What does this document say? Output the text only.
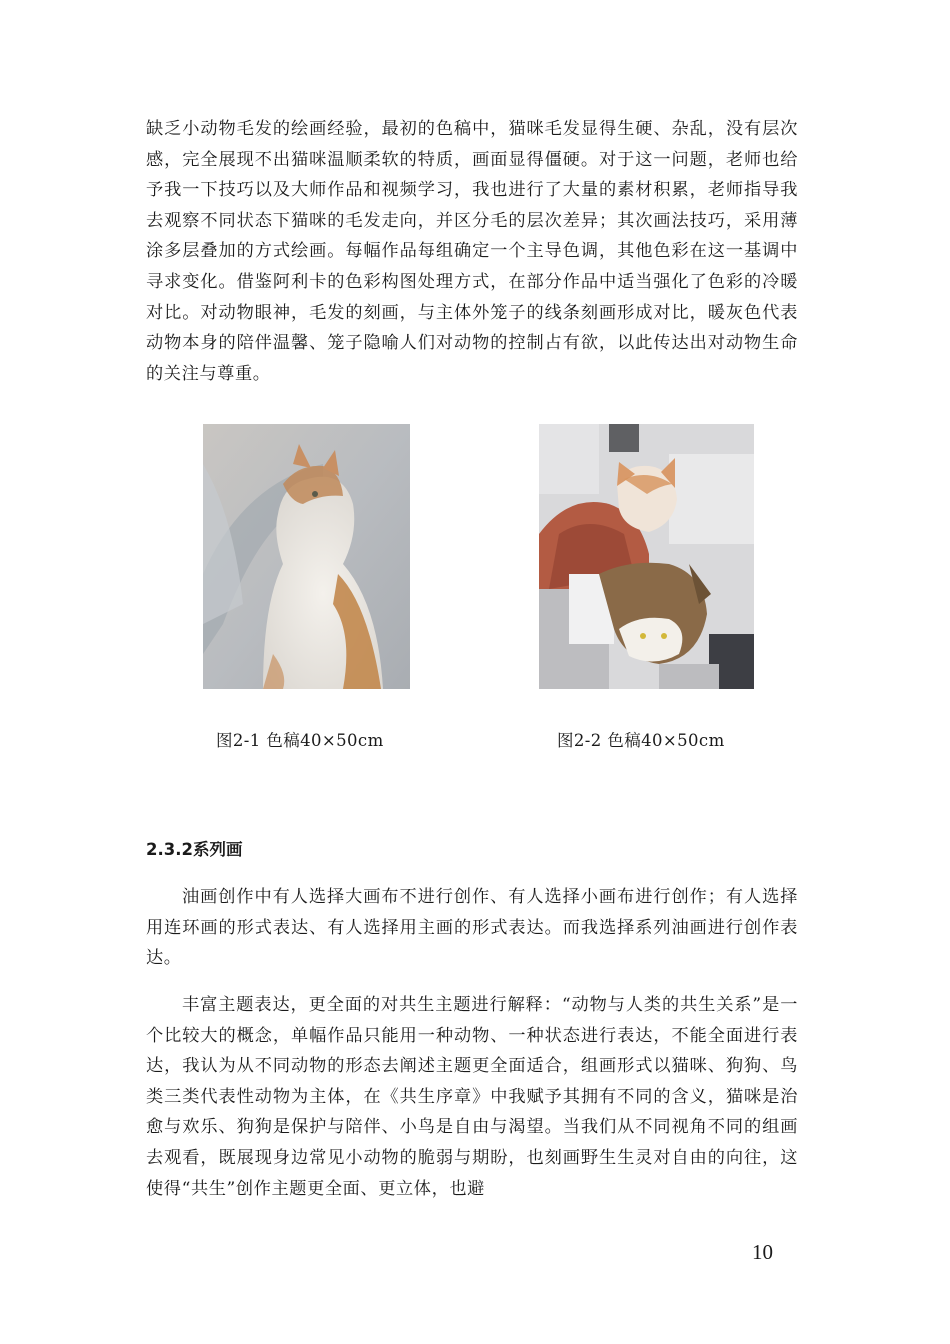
缺乏小动物毛发的绘画经验，最初的色稿中，猫咪毛发显得生硬、杂乱，没有层次感，完全展现不出猫咪温顺柔软的特质，画面显得僵硬。对于这一问题，老师也给予我一下技巧以及大师作品和视频学习，我也进行了大量的素材积累，老师指导我去观察不同状态下猫咪的毛发走向，并区分毛的层次差异；其次画法技巧，采用薄涂多层叠加的方式绘画。每幅作品每组确定一个主导色调，其他色彩在这一基调中寻求变化。借鉴阿利卡的色彩构图处理方式，在部分作品中适当强化了色彩的冷暖对比。对动物眼神，毛发的刻画，与主体外笼子的线条刻画形成对比，暖灰色代表动物本身的陪伴温馨、笼子隐喻人们对动物的控制占有欲，以此传达出对动物生命的关注与尊重。

图2-1 色稿40×50cm	图2-2 色稿40×50cm
2.3.2系列画

油画创作中有人选择大画布不进行创作、有人选择小画布进行创作；有人选择用连环画的形式表达、有人选择用主画的形式表达。而我选择系列油画进行创作表达。

丰富主题表达，更全面的对共生主题进行解释：“动物与人类的共生关系”是一个比较大的概念，单幅作品只能用一种动物、一种状态进行表达，不能全面进行表达，我认为从不同动物的形态去阐述主题更全面适合，组画形式以猫咪、狗狗、鸟类三类代表性动物为主体，在《共生序章》中我赋予其拥有不同的含义，猫咪是治愈与欢乐、狗狗是保护与陪伴、小鸟是自由与渴望。当我们从不同视角不同的组画去观看，既展现身边常见小动物的脆弱与期盼，也刻画野生生灵对自由的向往，这使得“共生”创作主题更全面、更立体，也避

10
